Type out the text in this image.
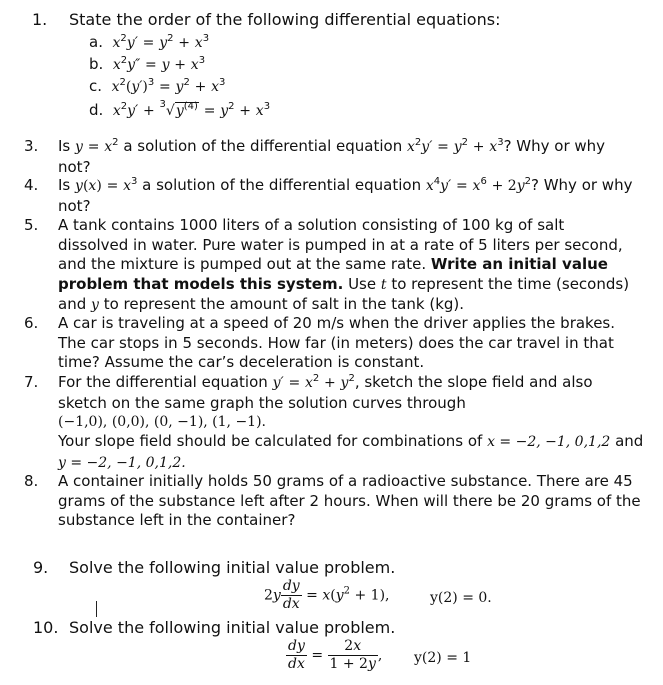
1. State the order of the following differential equations:
a. $x^2y' = y^2 + x^3$
b. $x^2y'' = y + x^3$
c. $x^2(y')^3 = y^2 + x^3$
d. $x^2y' + ^3√y^{(4)} = y^2 + x^3$
3. Is $y = x^2$ a solution of the differential equation $x^2y' = y^2 + x^3$? Why or why not?
4. Is $y(x) = x^3$ a solution of the differential equation $x^4y' = x^6 + 2y^2$? Why or why not?
5. A tank contains 1000 liters of a solution consisting of 100 kg of salt dissolved in water. Pure water is pumped in at a rate of 5 liters per second, and the mixture is pumped out at the same rate. Write an initial value problem that models this system. Use t to represent the time (seconds) and y to represent the amount of salt in the tank (kg).
6. A car is traveling at a speed of 20 m/s when the driver applies the brakes. The car stops in 5 seconds. How far (in meters) does the car travel in that time? Assume the car’s deceleration is constant.
7. For the differential equation $y' = x^2 + y^2$, sketch the slope field and also sketch on the same graph the solution curves through
(−1,0), (0,0), (0, −1), (1, −1).
Your slope field should be calculated for combinations of x = −2, −1, 0,1,2 and y = −2, −1, 0,1,2.
8. A container initially holds 50 grams of a radioactive substance. There are 45 grams of the substance left after 2 hours. When will there be 20 grams of the substance left in the container?
9. Solve the following initial value problem.
$2y \frac{dy}{dx} = x(y^2 + 1)$,	y(2) = 0.
10. Solve the following initial value problem.
$\frac{dy}{dx} = \frac{2x}{1 + 2y}$ , y(2) = 1
